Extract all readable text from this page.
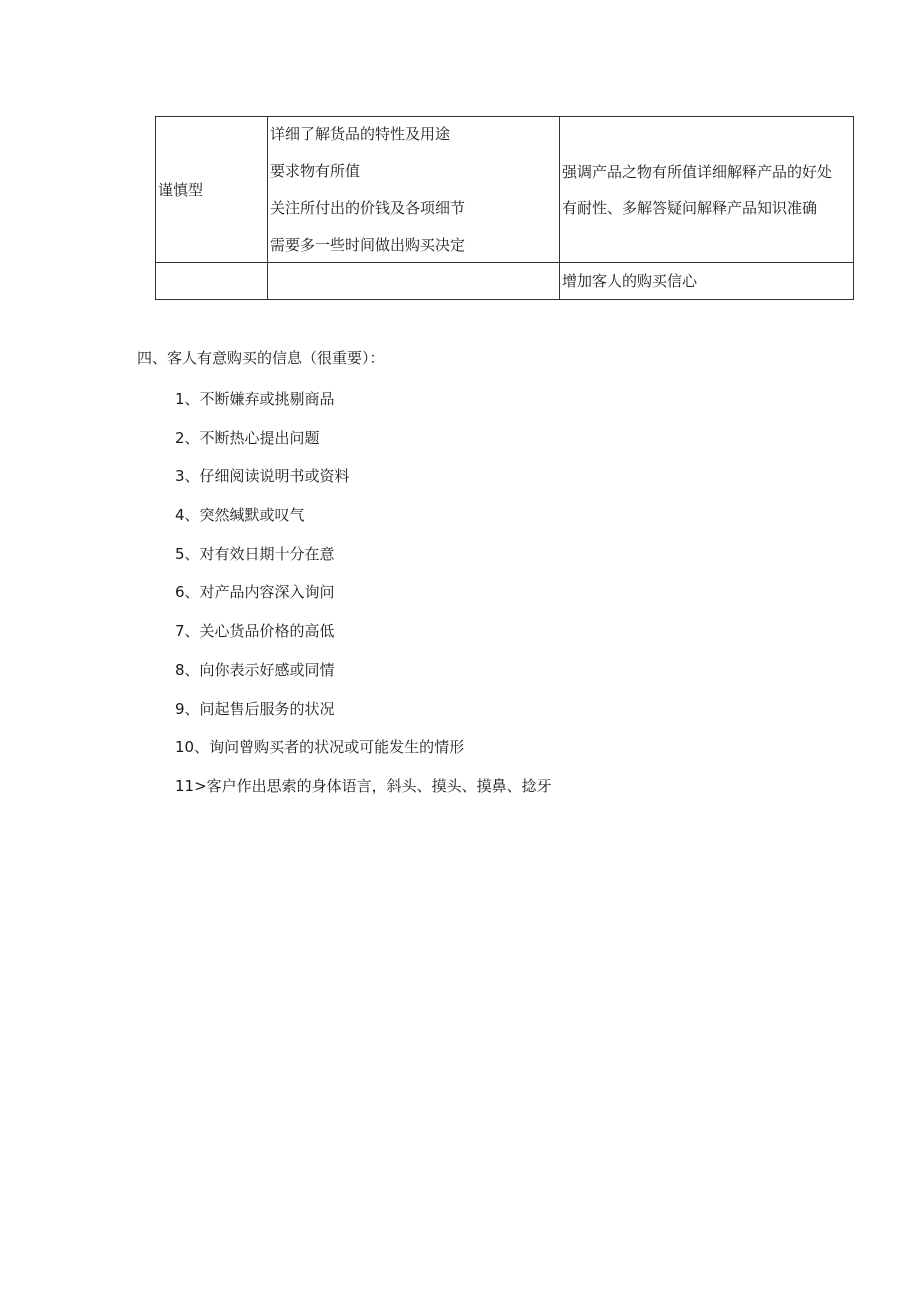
谨慎型	详细了解货品的特性及用途
要求物有所值
关注所付出的价钱及各项细节
需要多一些时间做出购买决定	强调产品之物有所值详细解释产品的好处
有耐性、多解答疑问解释产品知识准确

		增加客人的购买信心
四、客人有意购买的信息（很重要）：
1、不断嫌弃或挑剔商品
2、不断热心提出问题
3、仔细阅读说明书或资料
4、突然缄默或叹气
5、对有效日期十分在意
6、对产品内容深入询问
7、关心货品价格的高低
8、向你表示好感或同情
9、问起售后服务的状况
10、询问曾购买者的状况或可能发生的情形
11>客户作出思索的身体语言，斜头、摸头、摸鼻、捻牙
